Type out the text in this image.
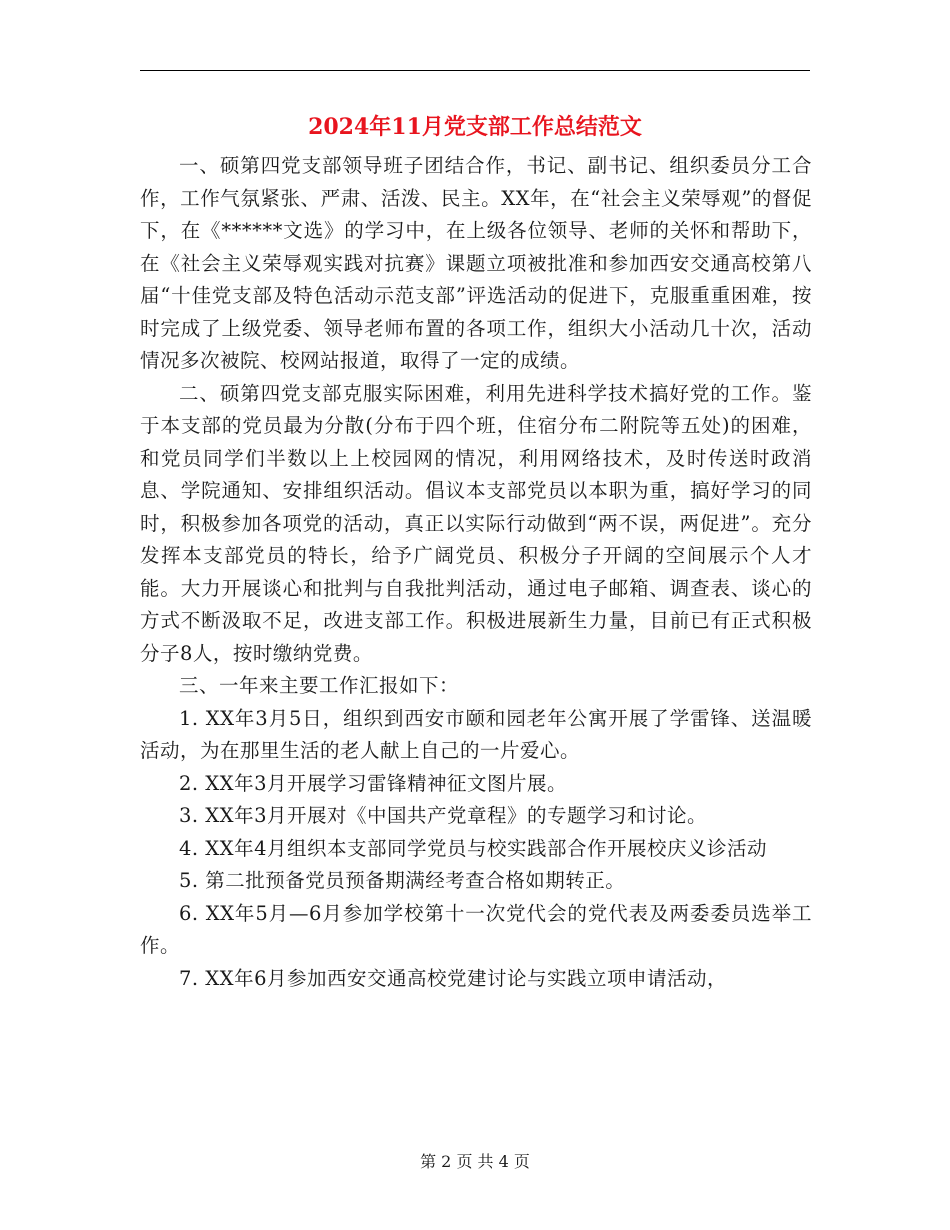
2024年11月党支部工作总结范文

一、硕第四党支部领导班子团结合作，书记、副书记、组织委员分工合作，工作气氛紧张、严肃、活泼、民主。XX年，在“社会主义荣辱观”的督促下，在《******文选》的学习中，在上级各位领导、老师的关怀和帮助下，在《社会主义荣辱观实践对抗赛》课题立项被批准和参加西安交通高校第八届“十佳党支部及特色活动示范支部”评选活动的促进下，克服重重困难，按时完成了上级党委、领导老师布置的各项工作，组织大小活动几十次，活动情况多次被院、校网站报道，取得了一定的成绩。

二、硕第四党支部克服实际困难，利用先进科学技术搞好党的工作。鉴于本支部的党员最为分散(分布于四个班，住宿分布二附院等五处)的困难，和党员同学们半数以上上校园网的情况，利用网络技术，及时传送时政消息、学院通知、安排组织活动。倡议本支部党员以本职为重，搞好学习的同时，积极参加各项党的活动，真正以实际行动做到“两不误，两促进”。充分发挥本支部党员的特长，给予广阔党员、积极分子开阔的空间展示个人才能。大力开展谈心和批判与自我批判活动，通过电子邮箱、调查表、谈心的方式不断汲取不足，改进支部工作。积极进展新生力量，目前已有正式积极分子8人，按时缴纳党费。

三、一年来主要工作汇报如下：

1. XX年3月5日，组织到西安市颐和园老年公寓开展了学雷锋、送温暖活动，为在那里生活的老人献上自己的一片爱心。

2. XX年3月开展学习雷锋精神征文图片展。

3. XX年3月开展对《中国共产党章程》的专题学习和讨论。

4. XX年4月组织本支部同学党员与校实践部合作开展校庆义诊活动

5. 第二批预备党员预备期满经考查合格如期转正。

6. XX年5月—6月参加学校第十一次党代会的党代表及两委委员选举工作。

7. XX年6月参加西安交通高校党建讨论与实践立项申请活动，

第 2 页 共 4 页
